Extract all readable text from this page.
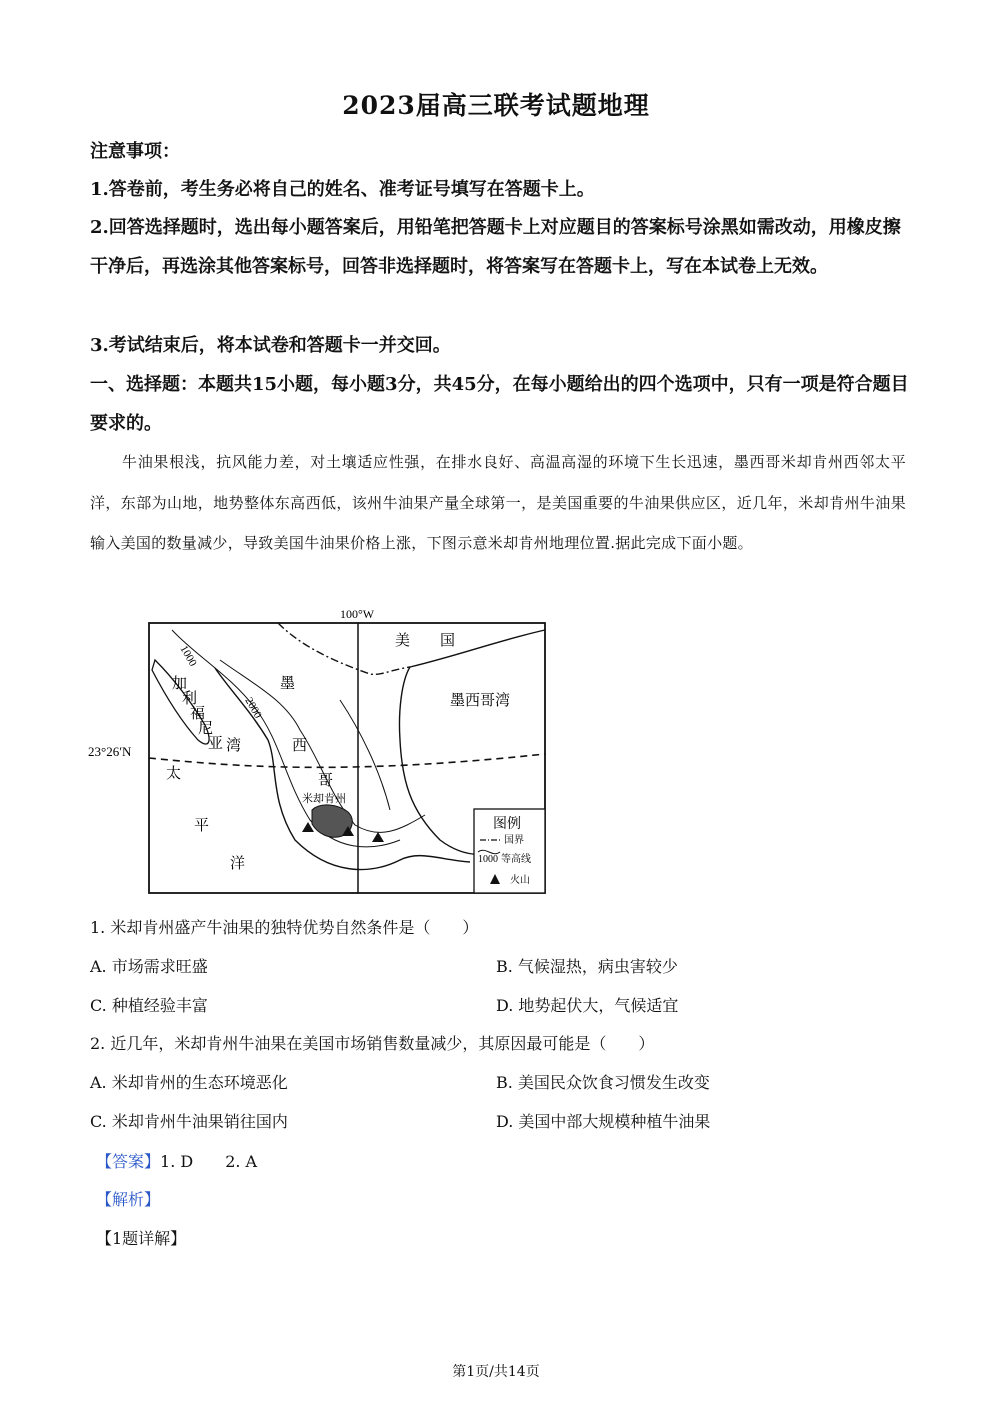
2023届高三联考试题地理
注意事项：
1.答卷前，考生务必将自己的姓名、准考证号填写在答题卡上。
2.回答选择题时，选出每小题答案后，用铅笔把答题卡上对应题目的答案标号涂黑如需改动，用橡皮擦干净后，再选涂其他答案标号，回答非选择题时，将答案写在答题卡上，写在本试卷上无效。
3.考试结束后，将本试卷和答题卡一并交回。
一、选择题：本题共15小题，每小题3分，共45分，在每小题给出的四个选项中，只有一项是符合题目要求的。
牛油果根浅，抗风能力差，对土壤适应性强，在排水良好、高温高湿的环境下生长迅速，墨西哥米却肯州西邻太平洋，东部为山地，地势整体东高西低，该州牛油果产量全球第一，是美国重要的牛油果供应区，近几年，米却肯州牛油果输入美国的数量减少，导致美国牛油果价格上涨，下图示意米却肯州地理位置.据此完成下面小题。
100°W
23°26′N
1000
2000
米却肯州
美　　国
墨西哥湾
墨
西
哥
加
利
福
尼
亚 湾
太
平
洋
图例
国界
1000 等高线
火山
1. 米却肯州盛产牛油果的独特优势自然条件是（　　）
A. 市场需求旺盛	B. 气候湿热，病虫害较少
C. 种植经验丰富	D. 地势起伏大，气候适宜
2. 近几年，米却肯州牛油果在美国市场销售数量减少，其原因最可能是（　　）
A. 米却肯州的生态环境恶化	B. 美国民众饮食习惯发生改变
C. 米却肯州牛油果销往国内	D. 美国中部大规模种植牛油果
【答案】1. D　　2. A
【解析】
【1题详解】
第1页/共14页
